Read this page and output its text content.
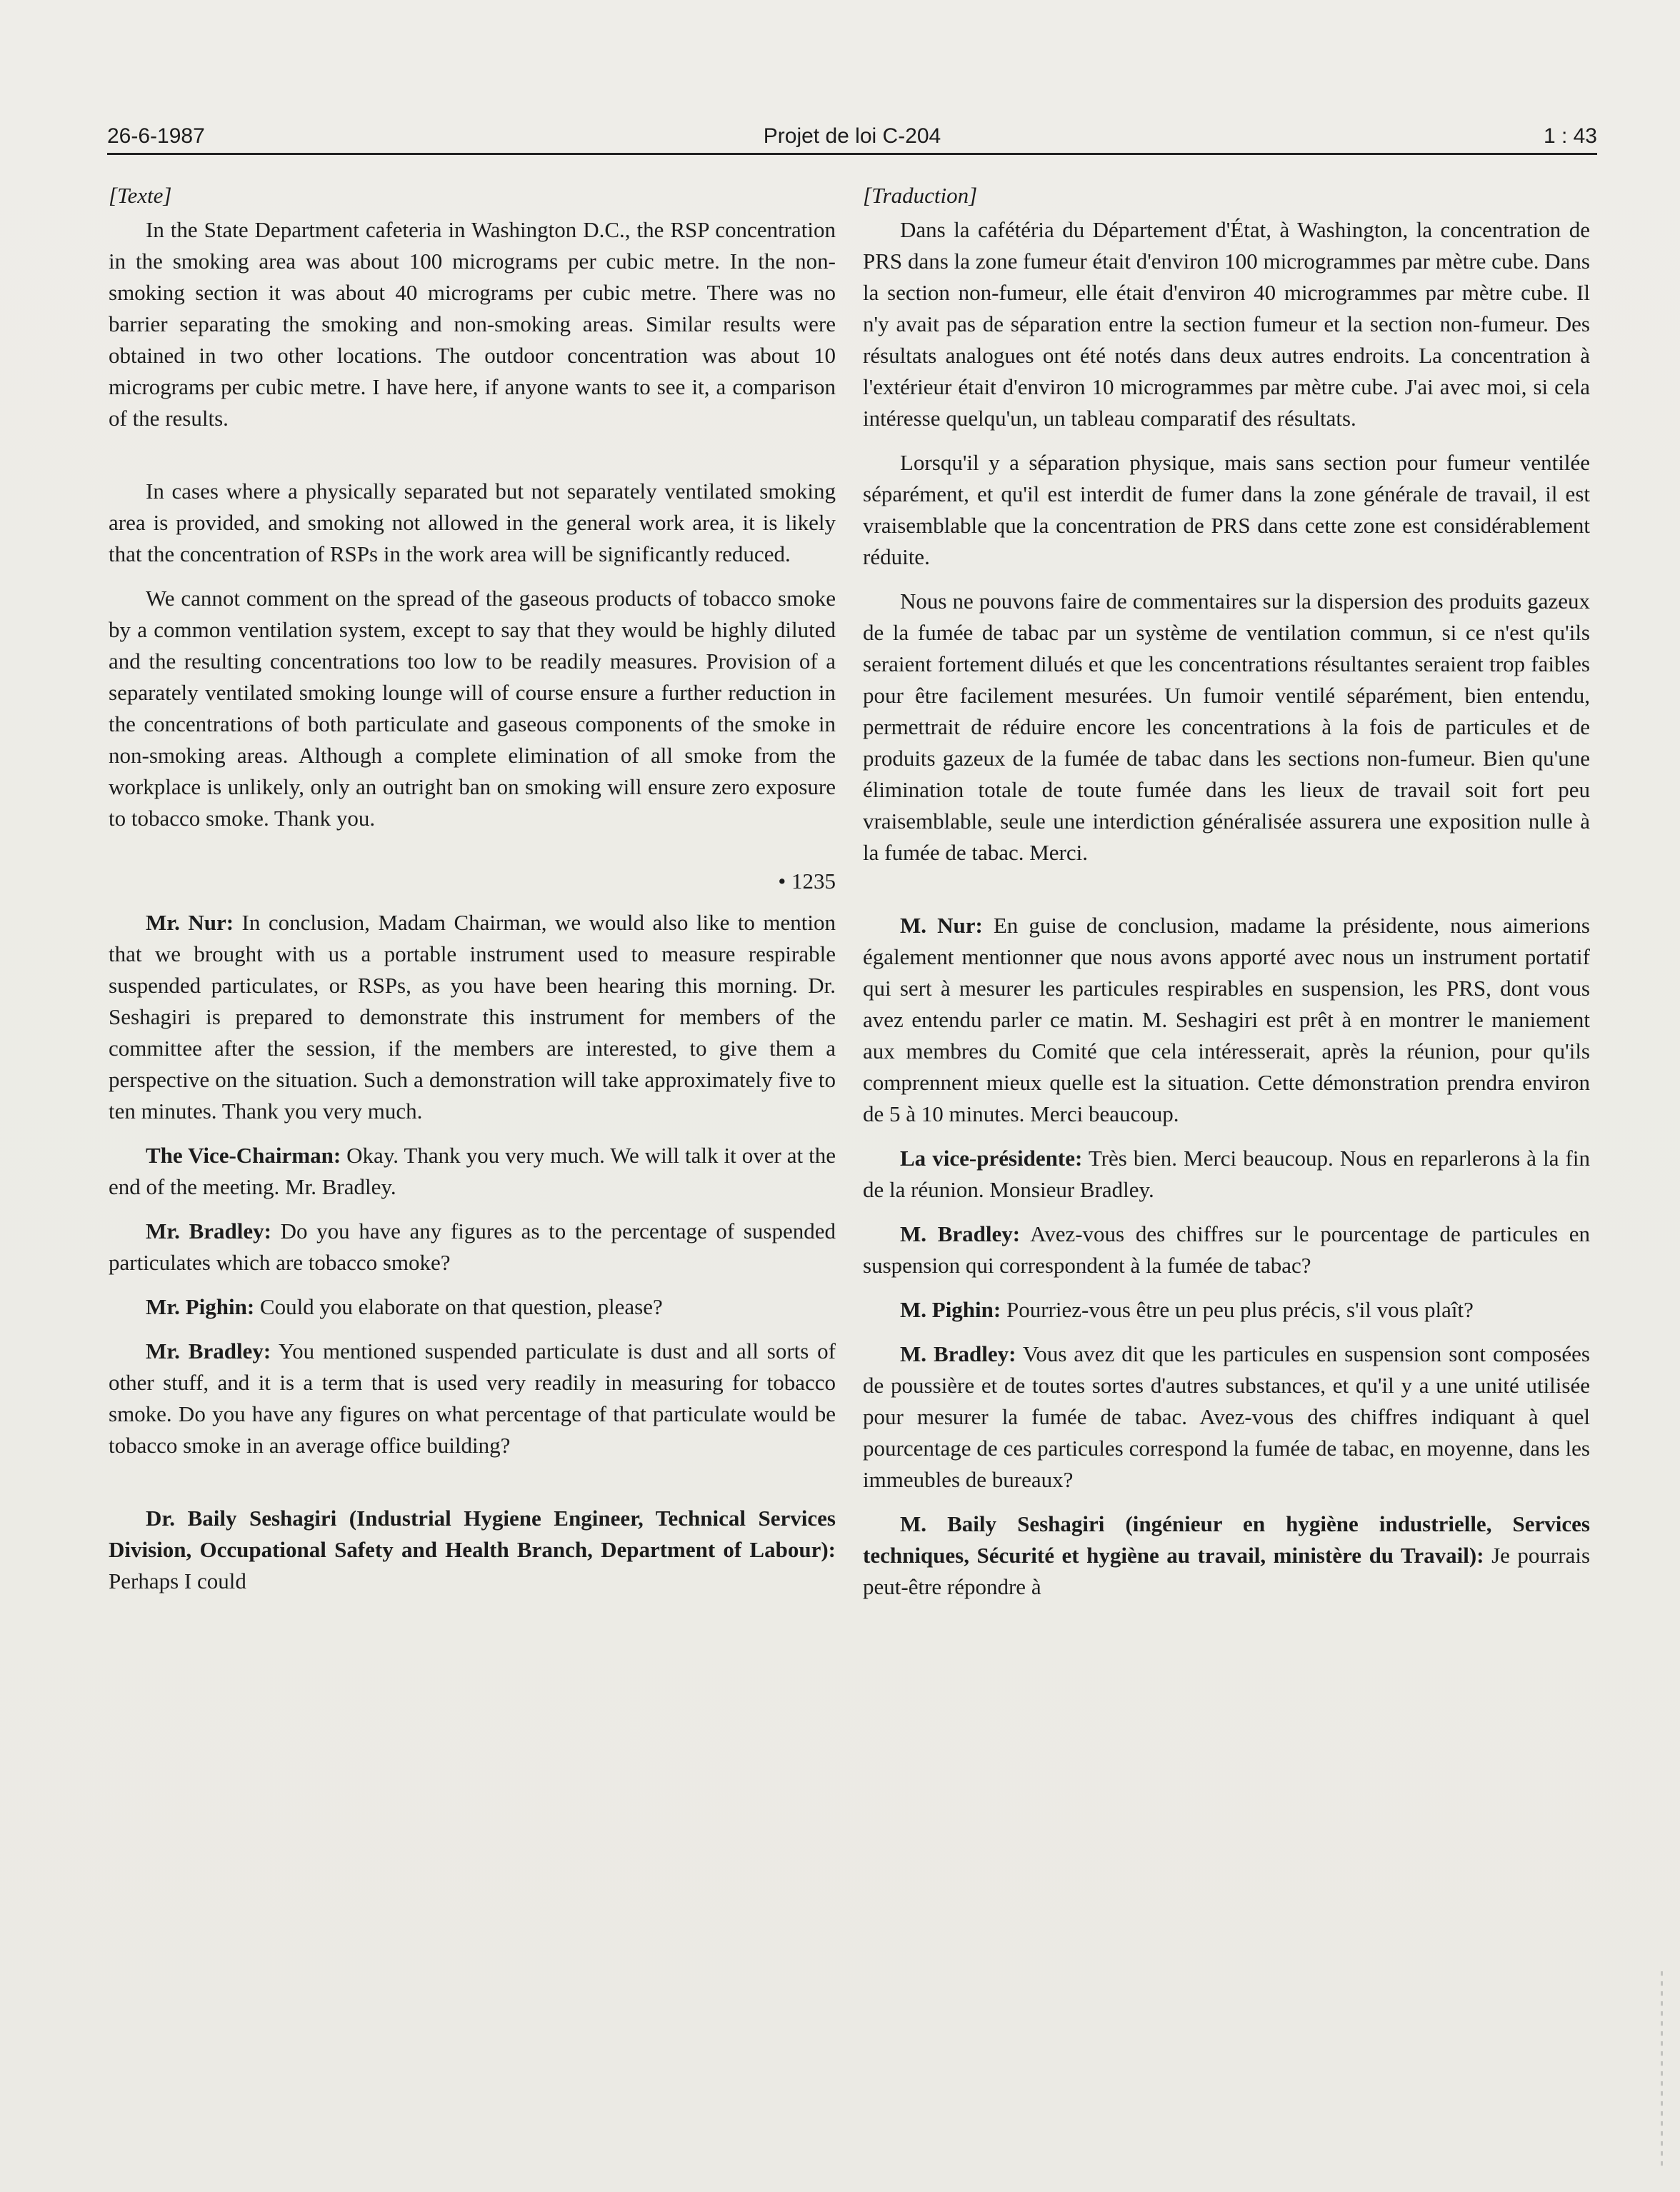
26-6-1987	Projet de loi C-204	1 : 43
[Texte]

In the State Department cafeteria in Washington D.C., the RSP concentration in the smoking area was about 100 micrograms per cubic metre. In the non-smoking section it was about 40 micrograms per cubic metre. There was no barrier separating the smoking and non-smoking areas. Similar results were obtained in two other locations. The outdoor concentration was about 10 micrograms per cubic metre. I have here, if anyone wants to see it, a comparison of the results.

In cases where a physically separated but not separately ventilated smoking area is provided, and smoking not allowed in the general work area, it is likely that the concentration of RSPs in the work area will be significantly reduced.

We cannot comment on the spread of the gaseous products of tobacco smoke by a common ventilation system, except to say that they would be highly diluted and the resulting concentrations too low to be readily measures. Provision of a separately ventilated smoking lounge will of course ensure a further reduction in the concentrations of both particulate and gaseous components of the smoke in non-smoking areas. Although a complete elimination of all smoke from the workplace is unlikely, only an outright ban on smoking will ensure zero exposure to tobacco smoke. Thank you.

• 1235

Mr. Nur: In conclusion, Madam Chairman, we would also like to mention that we brought with us a portable instrument used to measure respirable suspended particulates, or RSPs, as you have been hearing this morning. Dr. Seshagiri is prepared to demonstrate this instrument for members of the committee after the session, if the members are interested, to give them a perspective on the situation. Such a demonstration will take approximately five to ten minutes. Thank you very much.

The Vice-Chairman: Okay. Thank you very much. We will talk it over at the end of the meeting. Mr. Bradley.

Mr. Bradley: Do you have any figures as to the percentage of suspended particulates which are tobacco smoke?

Mr. Pighin: Could you elaborate on that question, please?

Mr. Bradley: You mentioned suspended particulate is dust and all sorts of other stuff, and it is a term that is used very readily in measuring for tobacco smoke. Do you have any figures on what percentage of that particulate would be tobacco smoke in an average office building?

Dr. Baily Seshagiri (Industrial Hygiene Engineer, Technical Services Division, Occupational Safety and Health Branch, Department of Labour): Perhaps I could

[Traduction]

Dans la cafétéria du Département d'État, à Washington, la concentration de PRS dans la zone fumeur était d'environ 100 microgrammes par mètre cube. Dans la section non-fumeur, elle était d'environ 40 microgrammes par mètre cube. Il n'y avait pas de séparation entre la section fumeur et la section non-fumeur. Des résultats analogues ont été notés dans deux autres endroits. La concentration à l'extérieur était d'environ 10 microgrammes par mètre cube. J'ai avec moi, si cela intéresse quelqu'un, un tableau comparatif des résultats.

Lorsqu'il y a séparation physique, mais sans section pour fumeur ventilée séparément, et qu'il est interdit de fumer dans la zone générale de travail, il est vraisemblable que la concentration de PRS dans cette zone est considérablement réduite.

Nous ne pouvons faire de commentaires sur la dispersion des produits gazeux de la fumée de tabac par un système de ventilation commun, si ce n'est qu'ils seraient fortement dilués et que les concentrations résultantes seraient trop faibles pour être facilement mesurées. Un fumoir ventilé séparément, bien entendu, permettrait de réduire encore les concentrations à la fois de particules et de produits gazeux de la fumée de tabac dans les sections non-fumeur. Bien qu'une élimination totale de toute fumée dans les lieux de travail soit fort peu vraisemblable, seule une interdiction généralisée assurera une exposition nulle à la fumée de tabac. Merci.

M. Nur: En guise de conclusion, madame la présidente, nous aimerions également mentionner que nous avons apporté avec nous un instrument portatif qui sert à mesurer les particules respirables en suspension, les PRS, dont vous avez entendu parler ce matin. M. Seshagiri est prêt à en montrer le maniement aux membres du Comité que cela intéresserait, après la réunion, pour qu'ils comprennent mieux quelle est la situation. Cette démonstration prendra environ de 5 à 10 minutes. Merci beaucoup.

La vice-présidente: Très bien. Merci beaucoup. Nous en reparlerons à la fin de la réunion. Monsieur Bradley.

M. Bradley: Avez-vous des chiffres sur le pourcentage de particules en suspension qui correspondent à la fumée de tabac?

M. Pighin: Pourriez-vous être un peu plus précis, s'il vous plaît?

M. Bradley: Vous avez dit que les particules en suspension sont composées de poussière et de toutes sortes d'autres substances, et qu'il y a une unité utilisée pour mesurer la fumée de tabac. Avez-vous des chiffres indiquant à quel pourcentage de ces particules correspond la fumée de tabac, en moyenne, dans les immeubles de bureaux?

M. Baily Seshagiri (ingénieur en hygiène industrielle, Services techniques, Sécurité et hygiène au travail, ministère du Travail): Je pourrais peut-être répondre à
